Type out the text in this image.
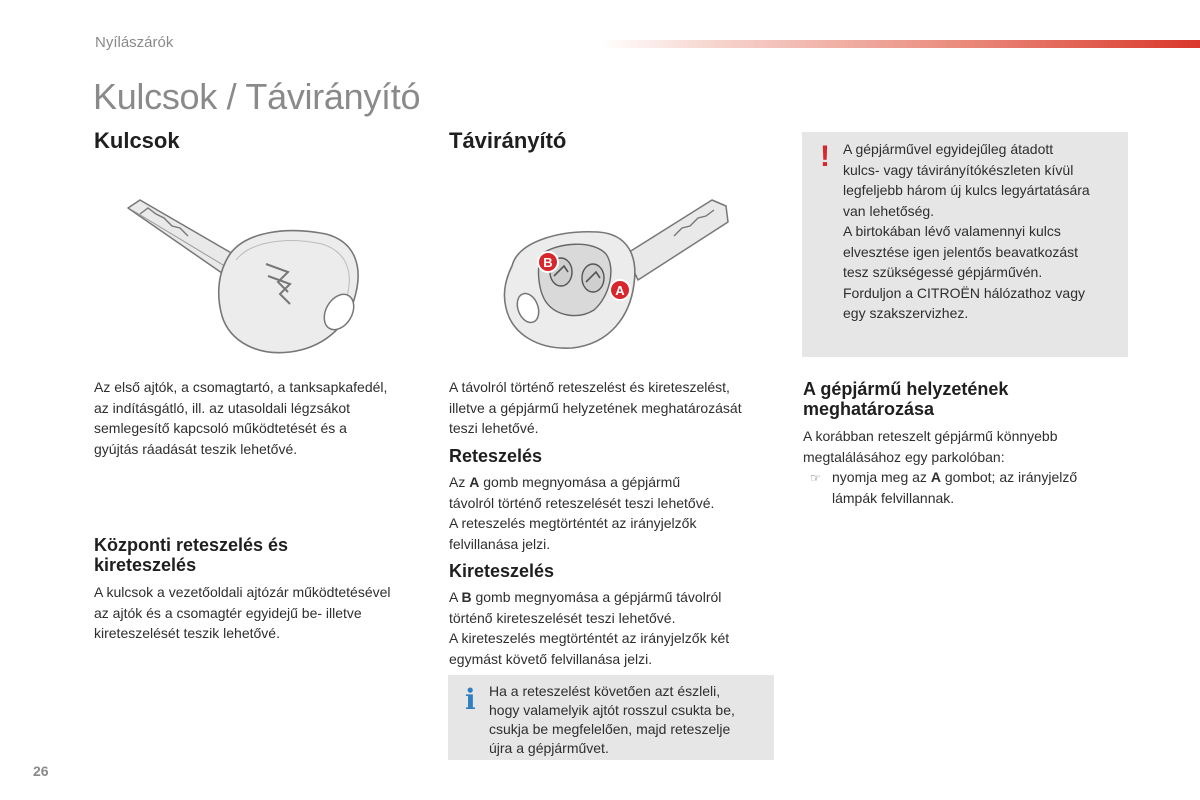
Nyílászárók
Kulcsok / Távirányító
Kulcsok
Az első ajtók, a csomagtartó, a tanksapkafedél,
az indításgátló, ill. az utasoldali légzsákot
semlegesítő kapcsoló működtetését és a
gyújtás ráadását teszik lehetővé.
Központi reteszelés és
kireteszelés
A kulcsok a vezetőoldali ajtózár működtetésével
az ajtók és a csomagtér egyidejű be- illetve
kireteszelését teszik lehetővé.
Távirányító
B
A
A távolról történő reteszelést és kireteszelést,
illetve a gépjármű helyzetének meghatározását
teszi lehetővé.
Reteszelés
Az A gomb megnyomása a gépjármű
távolról történő reteszelését teszi lehetővé.
A reteszelés megtörténtét az irányjelzők
felvillanása jelzi.
Kireteszelés
A B gomb megnyomása a gépjármű távolról
történő kireteszelését teszi lehetővé.
A kireteszelés megtörténtét az irányjelzők két
egymást követő felvillanása jelzi.
i Ha a reteszelést követően azt észleli,
hogy valamelyik ajtót rosszul csukta be,
csukja be megfelelően, majd reteszelje
újra a gépjárművet.
! A gépjárművel egyidejűleg átadott
kulcs- vagy távirányítókészleten kívül
legfeljebb három új kulcs legyártatására
van lehetőség.
A birtokában lévő valamennyi kulcs
elvesztése igen jelentős beavatkozást
tesz szükségessé gépjárművén.
Forduljon a CITROËN hálózathoz vagy
egy szakszervizhez.
A gépjármű helyzetének
meghatározása
A korábban reteszelt gépjármű könnyebb
megtalálásához egy parkolóban:
☞ nyomja meg az A gombot; az irányjelző
lámpák felvillannak.
26
